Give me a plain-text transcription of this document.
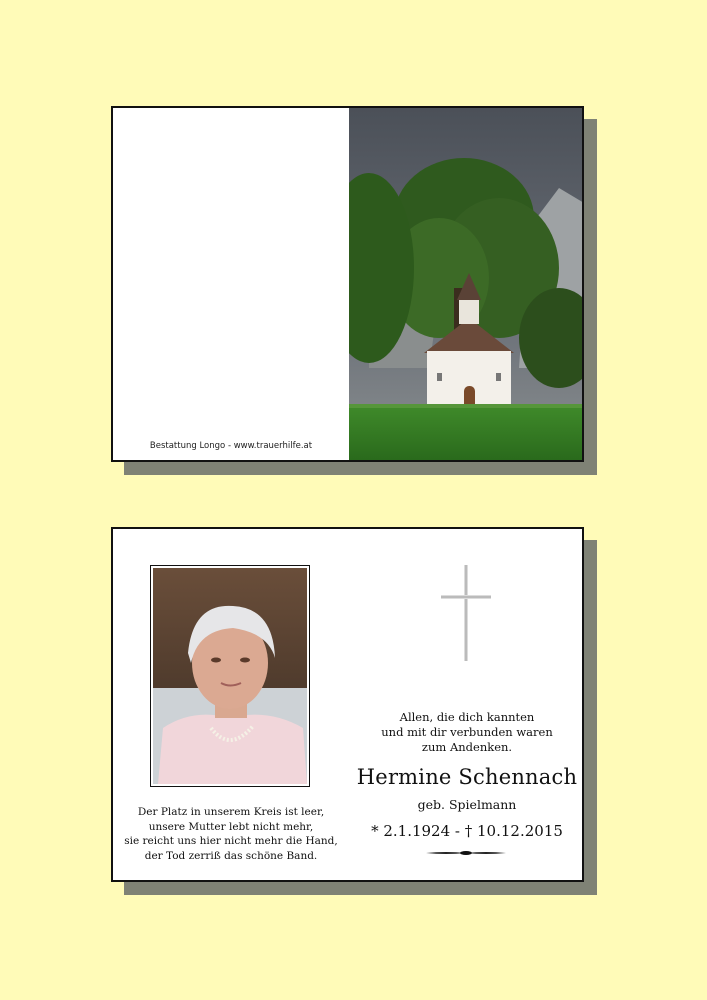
Bestattung Longo - www.trauerhilfe.at
Der Platz in unserem Kreis ist leer,
unsere Mutter lebt nicht mehr,
sie reicht uns hier nicht mehr die Hand,
der Tod zerriß das schöne Band.
Allen, die dich kannten
und mit dir verbunden waren
zum Andenken.
Hermine Schennach
geb. Spielmann
* 2.1.1924 - † 10.12.2015
